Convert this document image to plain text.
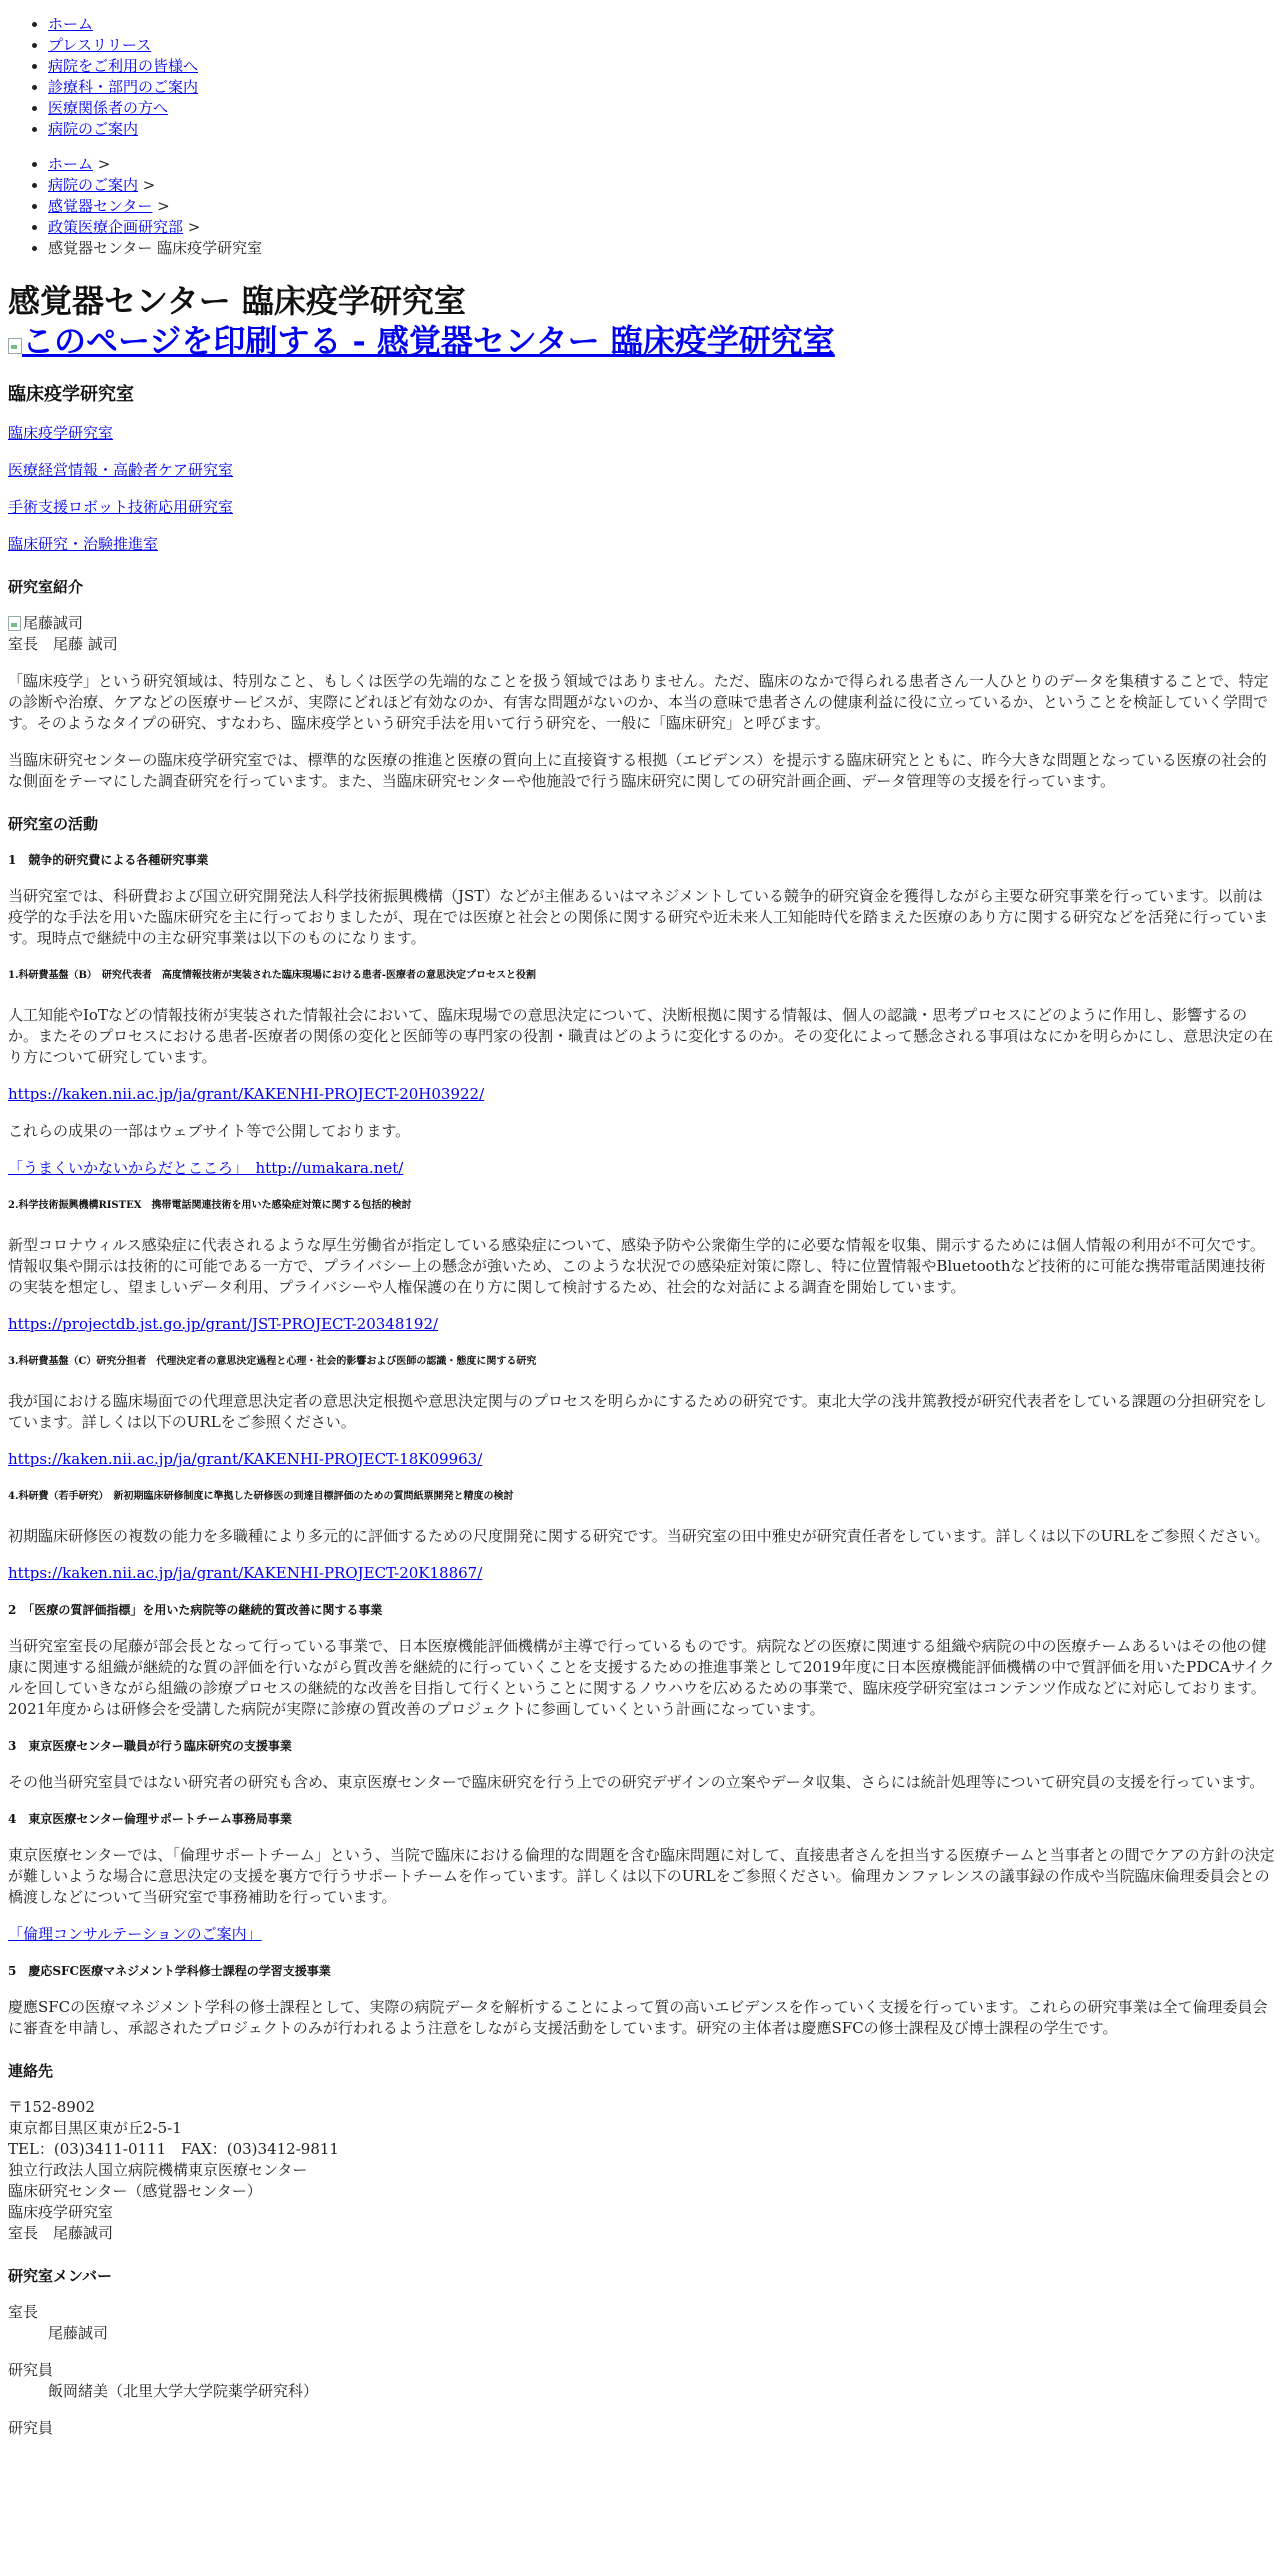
• ホーム
• プレスリリース
• 病院をご利用の皆様へ
• 診療科・部門のご案内
• 医療関係者の方へ
• 病院のご案内
• ホーム >
• 病院のご案内 >
• 感覚器センター >
• 政策医療企画研究部 >
• 感覚器センター 臨床疫学研究室
感覚器センター 臨床疫学研究室
このページを印刷する - 感覚器センター 臨床疫学研究室
臨床疫学研究室

臨床疫学研究室

医療経営情報・高齢者ケア研究室

手術支援ロボット技術応用研究室

臨床研究・治験推進室

研究室紹介
尾藤誠司
室長　尾藤 誠司

「臨床疫学」という研究領域は、特別なこと、もしくは医学の先端的なことを扱う領域ではありません。ただ、臨床のなかで得られる患者さん一人ひとりのデータを集積することで、特定の診断や治療、ケアなどの医療サービスが、実際にどれほど有効なのか、有害な問題がないのか、本当の意味で患者さんの健康利益に役に立っているか、ということを検証していく学問です。そのようなタイプの研究、すなわち、臨床疫学という研究手法を用いて行う研究を、一般に「臨床研究」と呼びます。

当臨床研究センターの臨床疫学研究室では、標準的な医療の推進と医療の質向上に直接資する根拠（エビデンス）を提示する臨床研究とともに、昨今大きな問題となっている医療の社会的な側面をテーマにした調査研究を行っています。また、当臨床研究センターや他施設で行う臨床研究に関しての研究計画企画、データ管理等の支援を行っています。

研究室の活動
1　競争的研究費による各種研究事業

当研究室では、科研費および国立研究開発法人科学技術振興機構（JST）などが主催あるいはマネジメントしている競争的研究資金を獲得しながら主要な研究事業を行っています。以前は疫学的な手法を用いた臨床研究を主に行っておりましたが、現在では医療と社会との関係に関する研究や近未来人工知能時代を踏まえた医療のあり方に関する研究などを活発に行っています。現時点で継続中の主な研究事業は以下のものになります。

1.科研費基盤（B）　研究代表者　高度情報技術が実装された臨床現場における患者-医療者の意思決定プロセスと役割

人工知能やIoTなどの情報技術が実装された情報社会において、臨床現場での意思決定について、決断根拠に関する情報は、個人の認識・思考プロセスにどのように作用し、影響するのか。またそのプロセスにおける患者-医療者の関係の変化と医師等の専門家の役割・職責はどのように変化するのか。その変化によって懸念される事項はなにかを明らかにし、意思決定の在り方について研究しています。

https://kaken.nii.ac.jp/ja/grant/KAKENHI-PROJECT-20H03922/

これらの成果の一部はウェブサイト等で公開しております。

「うまくいかないからだとこころ」　http://umakara.net/

2.科学技術振興機構RISTEX　携帯電話関連技術を用いた感染症対策に関する包括的検討

新型コロナウィルス感染症に代表されるような厚生労働省が指定している感染症について、感染予防や公衆衛生学的に必要な情報を収集、開示するためには個人情報の利用が不可欠です。情報収集や開示は技術的に可能である一方で、プライバシー上の懸念が強いため、このような状況での感染症対策に際し、特に位置情報やBluetoothなど技術的に可能な携帯電話関連技術の実装を想定し、望ましいデータ利用、プライバシーや人権保護の在り方に関して検討するため、社会的な対話による調査を開始しています。

https://projectdb.jst.go.jp/grant/JST-PROJECT-20348192/

3.科研費基盤（C）研究分担者　代理決定者の意思決定過程と心理・社会的影響および医師の認識・態度に関する研究

我が国における臨床場面での代理意思決定者の意思決定根拠や意思決定関与のプロセスを明らかにするための研究です。東北大学の浅井篤教授が研究代表者をしている課題の分担研究をしています。詳しくは以下のURLをご参照ください。

https://kaken.nii.ac.jp/ja/grant/KAKENHI-PROJECT-18K09963/

4.科研費（若手研究）　新初期臨床研修制度に準拠した研修医の到達目標評価のための質問紙票開発と精度の検討

初期臨床研修医の複数の能力を多職種により多元的に評価するための尺度開発に関する研究です。当研究室の田中雅史が研究責任者をしています。詳しくは以下のURLをご参照ください。

https://kaken.nii.ac.jp/ja/grant/KAKENHI-PROJECT-20K18867/

2　「医療の質評価指標」を用いた病院等の継続的質改善に関する事業

当研究室室長の尾藤が部会長となって行っている事業で、日本医療機能評価機構が主導で行っているものです。病院などの医療に関連する組織や病院の中の医療チームあるいはその他の健康に関連する組織が継続的な質の評価を行いながら質改善を継続的に行っていくことを支援するための推進事業として2019年度に日本医療機能評価機構の中で質評価を用いたPDCAサイクルを回していきながら組織の診療プロセスの継続的な改善を目指して行くということに関するノウハウを広めるための事業で、臨床疫学研究室はコンテンツ作成などに対応しております。2021年度からは研修会を受講した病院が実際に診療の質改善のプロジェクトに参画していくという計画になっています。

3　東京医療センター職員が行う臨床研究の支援事業

その他当研究室員ではない研究者の研究も含め、東京医療センターで臨床研究を行う上での研究デザインの立案やデータ収集、さらには統計処理等について研究員の支援を行っています。

4　東京医療センター倫理サポートチーム事務局事業

東京医療センターでは、「倫理サポートチーム」という、当院で臨床における倫理的な問題を含む臨床問題に対して、直接患者さんを担当する医療チームと当事者との間でケアの方針の決定が難しいような場合に意思決定の支援を裏方で行うサポートチームを作っています。詳しくは以下のURLをご参照ください。倫理カンファレンスの議事録の作成や当院臨床倫理委員会との橋渡しなどについて当研究室で事務補助を行っています。

「倫理コンサルテーションのご案内」

5　慶応SFC医療マネジメント学科修士課程の学習支援事業

慶應SFCの医療マネジメント学科の修士課程として、実際の病院データを解析することによって質の高いエビデンスを作っていく支援を行っています。これらの研究事業は全て倫理委員会に審査を申請し、承認されたプロジェクトのみが行われるよう注意をしながら支援活動をしています。研究の主体者は慶應SFCの修士課程及び博士課程の学生です。

連絡先
〒152-8902
東京都目黒区東が丘2-5-1
TEL：(03)3411-0111　FAX：(03)3412-9811
独立行政法人国立病院機構東京医療センター
臨床研究センター（感覚器センター）
臨床疫学研究室
室長　尾藤誠司
研究室メンバー
室長
尾藤誠司
研究員
飯岡緒美（北里大学大学院薬学研究科）
研究員
